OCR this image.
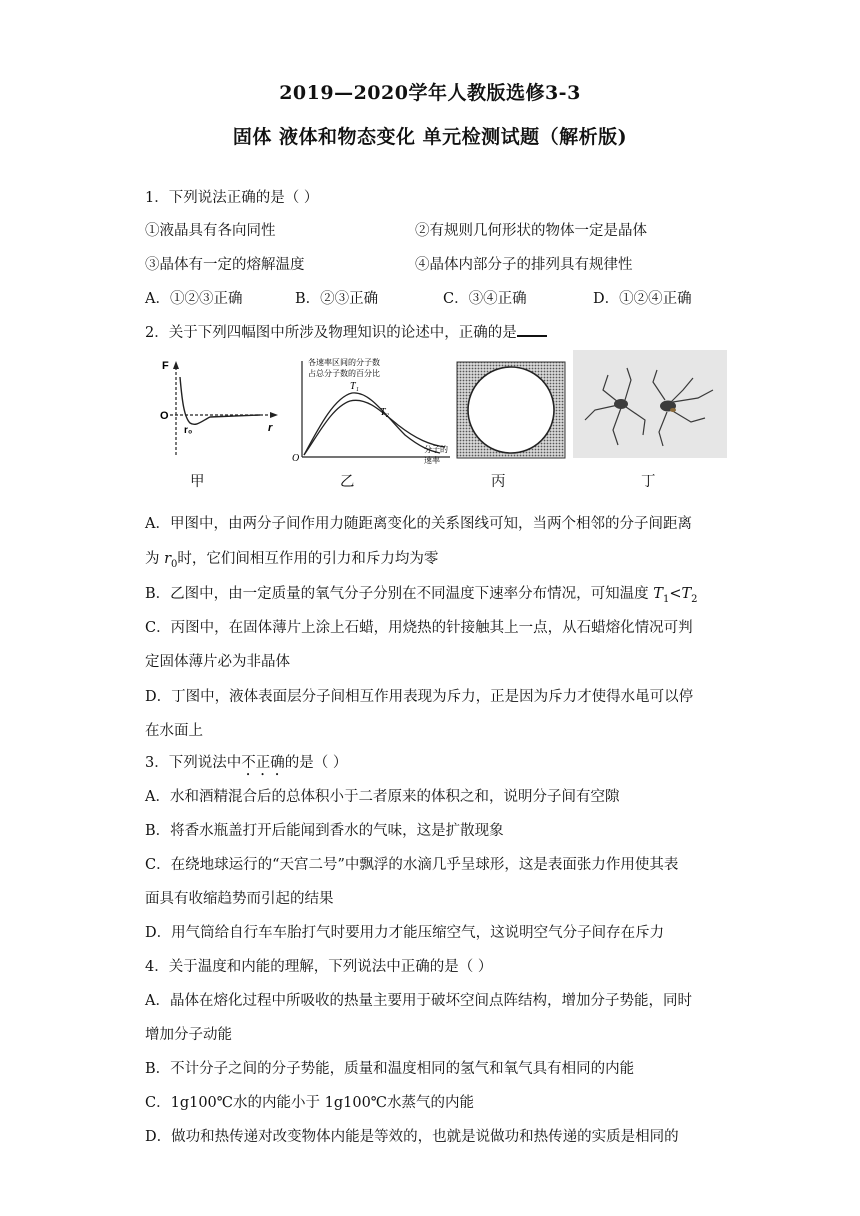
2019—2020学年人教版选修3-3
固体 液体和物态变化 单元检测试题（解析版)
1．下列说法正确的是（ ）
①液晶具有各向同性	②有规则几何形状的物体一定是晶体
③晶体有一定的熔解温度	④晶体内部分子的排列具有规律性
A．①②③正确	B．②③正确	C．③④正确	D．①②④正确
2．关于下列四幅图中所涉及物理知识的论述中，正确的是
F
O
r₀	r
各速率区间的分子数
占总分子数的百分比
T₁
T₂
O
分子的
速率
甲	乙	丙	丁
A．甲图中，由两分子间作用力随距离变化的关系图线可知，当两个相邻的分子间距离
为 $r_0$时，它们间相互作用的引力和斥力均为零
B．乙图中，由一定质量的氧气分子分别在不同温度下速率分布情况，可知温度 $T_1<T_2$
C．丙图中，在固体薄片上涂上石蜡，用烧热的针接触其上一点，从石蜡熔化情况可判
定固体薄片必为非晶体
D．丁图中，液体表面层分子间相互作用表现为斥力，正是因为斥力才使得水黾可以停
在水面上
3．下列说法中不正确的是（ ）
A．水和酒精混合后的总体积小于二者原来的体积之和，说明分子间有空隙
B．将香水瓶盖打开后能闻到香水的气味，这是扩散现象
C．在绕地球运行的“天宫二号”中飘浮的水滴几乎呈球形，这是表面张力作用使其表
面具有收缩趋势而引起的结果
D．用气筒给自行车车胎打气时要用力才能压缩空气，这说明空气分子间存在斥力
4．关于温度和内能的理解，下列说法中正确的是（ ）
A．晶体在熔化过程中所吸收的热量主要用于破坏空间点阵结构，增加分子势能，同时
增加分子动能
B．不计分子之间的分子势能，质量和温度相同的氢气和氧气具有相同的内能
C．1g100℃水的内能小于 1g100℃水蒸气的内能
D．做功和热传递对改变物体内能是等效的，也就是说做功和热传递的实质是相同的
